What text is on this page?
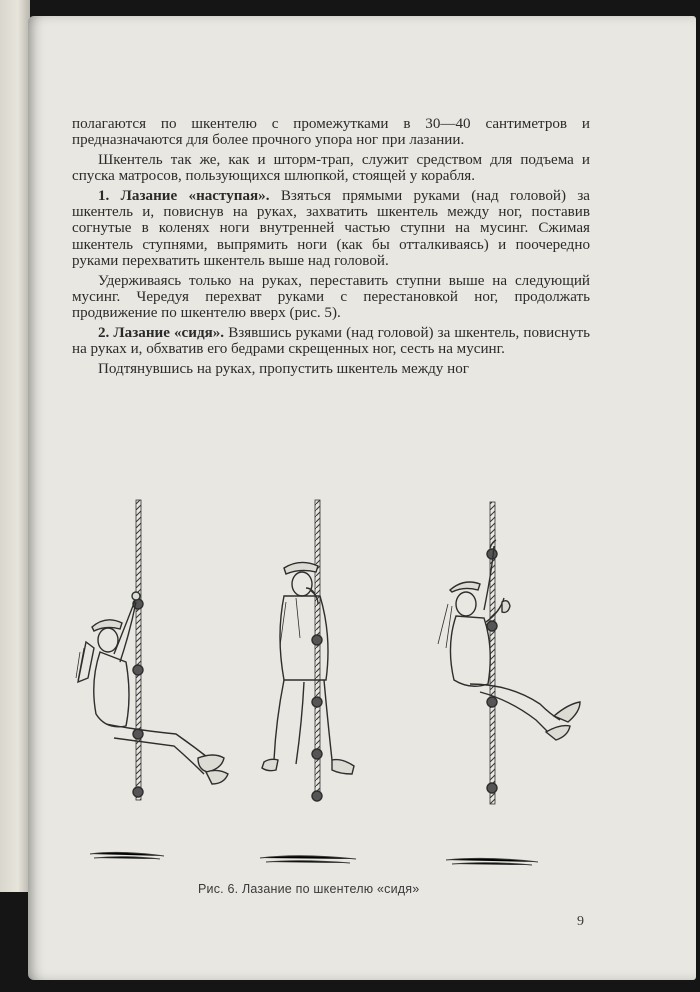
полагаются по шкентелю с промежутками в 30—40 сантиметров и предназначаются для более прочного упора ног при лазании.

Шкентель так же, как и шторм-трап, служит средством для подъема и спуска матросов, пользующихся шлюпкой, стоящей у корабля.

1. Лазание «наступая». Взяться прямыми руками (над головой) за шкентель и, повиснув на руках, захватить шкентель между ног, поставив согнутые в коленях ноги внутренней частью ступни на мусинг. Сжимая шкентель ступнями, выпрямить ноги (как бы отталкиваясь) и поочередно руками перехватить шкентель выше над головой.

Удерживаясь только на руках, переставить ступни выше на следующий мусинг. Чередуя перехват руками с перестановкой ног, продолжать продвижение по шкентелю вверх (рис. 5).

2. Лазание «сидя». Взявшись руками (над головой) за шкентель, повиснуть на руках и, обхватив его бедрами скрещенных ног, сесть на мусинг.

Подтянувшись на руках, пропустить шкентель между ног

Рис. 6. Лазание по шкентелю «сидя»
9
